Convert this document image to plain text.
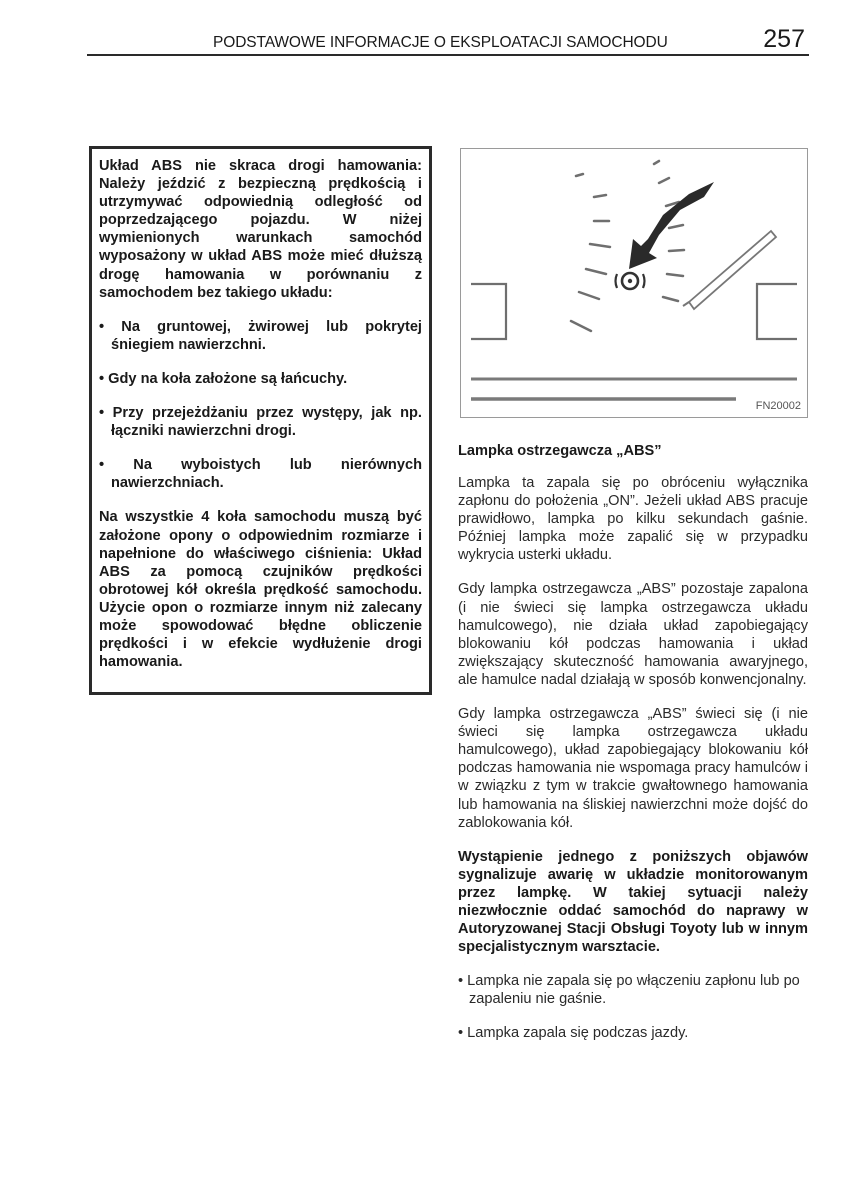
PODSTAWOWE INFORMACJE O EKSPLOATACJI SAMOCHODU	257

Układ ABS nie skraca drogi hamowania: Należy jeździć z bezpieczną prędkością i utrzymywać odpowiednią odległość od poprzedzającego pojazdu. W niżej wymienionych warunkach samochód wyposażony w układ ABS może mieć dłuższą drogę hamowania w porównaniu z samochodem bez takiego układu:

• Na gruntowej, żwirowej lub pokrytej śniegiem nawierzchni.
• Gdy na koła założone są łańcuchy.
• Przy przejeżdżaniu przez występy, jak np. łączniki nawierzchni drogi.
• Na wyboistych lub nierównych nawierzchniach.

Na wszystkie 4 koła samochodu muszą być założone opony o odpowiednim rozmiarze i napełnione do właściwego ciśnienia: Układ ABS za pomocą czujników prędkości obrotowej kół określa prędkość samochodu. Użycie opon o rozmiarze innym niż zalecany może spowodować błędne obliczenie prędkości i w efekcie wydłużenie drogi hamowania.

FN20002
Lampka ostrzegawcza „ABS”

Lampka ta zapala się po obróceniu wyłącznika zapłonu do położenia „ON”. Jeżeli układ ABS pracuje prawidłowo, lampka po kilku sekundach gaśnie. Później lampka może zapalić się w przypadku wykrycia usterki układu.

Gdy lampka ostrzegawcza „ABS” pozostaje zapalona (i nie świeci się lampka ostrzegawcza układu hamulcowego), nie działa układ zapobiegający blokowaniu kół podczas hamowania i układ zwiększający skuteczność hamowania awaryjnego, ale hamulce nadal działają w sposób konwencjonalny.

Gdy lampka ostrzegawcza „ABS” świeci się (i nie świeci się lampka ostrzegawcza układu hamulcowego), układ zapobiegający blokowaniu kół podczas hamowania nie wspomaga pracy hamulców i w związku z tym w trakcie gwałtownego hamowania lub hamowania na śliskiej nawierzchni może dojść do zablokowania kół.

Wystąpienie jednego z poniższych objawów sygnalizuje awarię w układzie monitorowanym przez lampkę. W takiej sytuacji należy niezwłocznie oddać samochód do naprawy w Autoryzowanej Stacji Obsługi Toyoty lub w innym specjalistycznym warsztacie.

• Lampka nie zapala się po włączeniu zapłonu lub po zapaleniu nie gaśnie.
• Lampka zapala się podczas jazdy.
